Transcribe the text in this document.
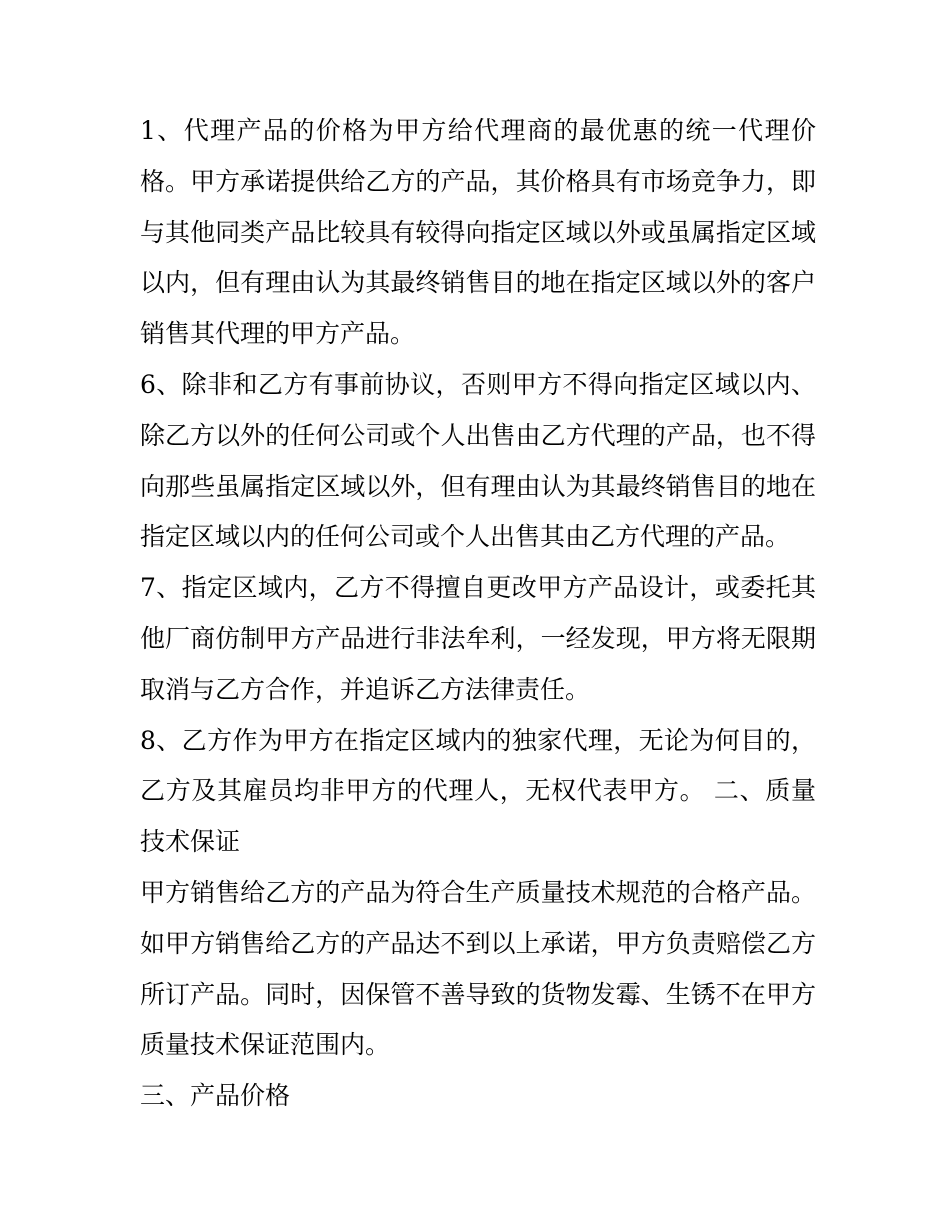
1、代理产品的价格为甲方给代理商的最优惠的统一代理价格。甲方承诺提供给乙方的产品，其价格具有市场竞争力，即与其他同类产品比较具有较得向指定区域以外或虽属指定区域以内，但有理由认为其最终销售目的地在指定区域以外的客户销售其代理的甲方产品。

6、除非和乙方有事前协议，否则甲方不得向指定区域以内、除乙方以外的任何公司或个人出售由乙方代理的产品，也不得向那些虽属指定区域以外，但有理由认为其最终销售目的地在指定区域以内的任何公司或个人出售其由乙方代理的产品。

7、指定区域内，乙方不得擅自更改甲方产品设计，或委托其他厂商仿制甲方产品进行非法牟利，一经发现，甲方将无限期取消与乙方合作，并追诉乙方法律责任。

8、乙方作为甲方在指定区域内的独家代理，无论为何目的，乙方及其雇员均非甲方的代理人，无权代表甲方。 二、质量技术保证

甲方销售给乙方的产品为符合生产质量技术规范的合格产品。如甲方销售给乙方的产品达不到以上承诺，甲方负责赔偿乙方所订产品。同时，因保管不善导致的货物发霉、生锈不在甲方质量技术保证范围内。

三、产品价格
